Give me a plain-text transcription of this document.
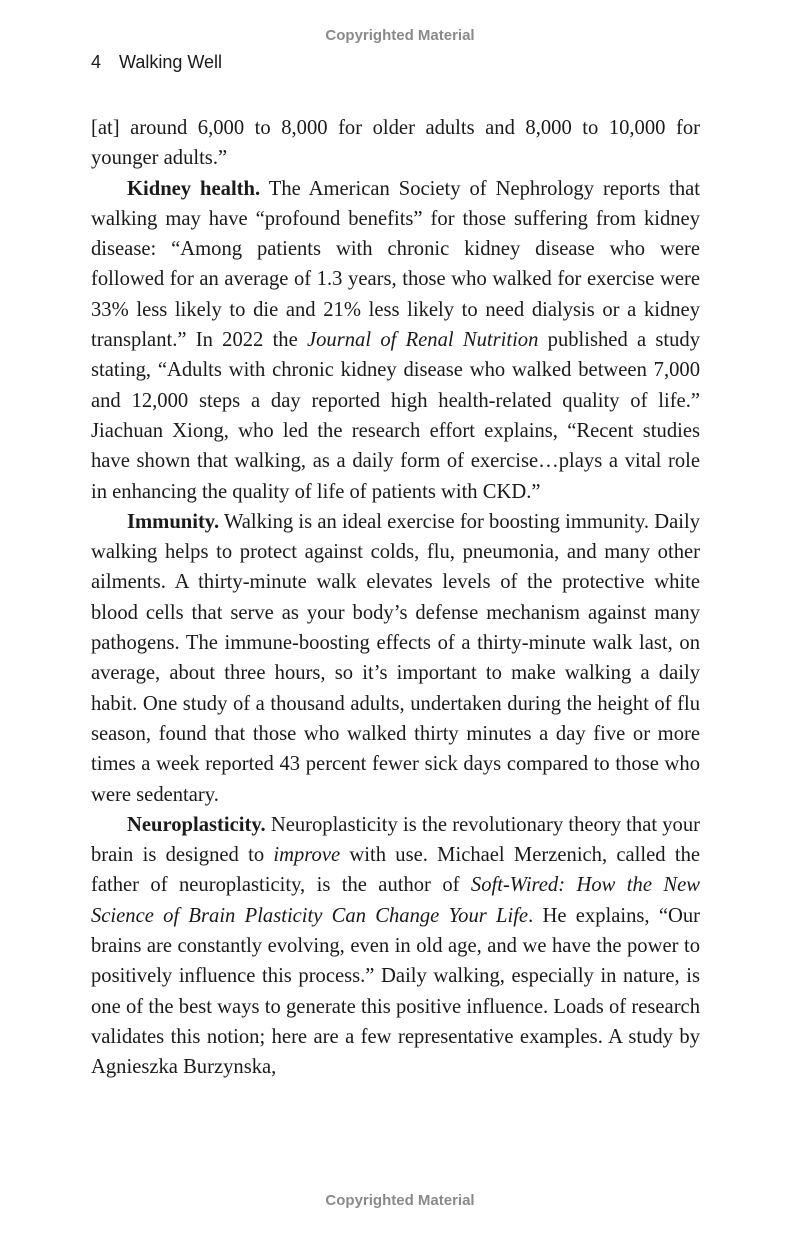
Copyrighted Material
4 Walking Well

[at] around 6,000 to 8,000 for older adults and 8,000 to 10,000 for younger adults.”

Kidney health. The American Society of Nephrology reports that walking may have “profound benefits” for those suffering from kidney disease: “Among patients with chronic kidney disease who were followed for an average of 1.3 years, those who walked for exercise were 33% less likely to die and 21% less likely to need dialysis or a kidney transplant.” In 2022 the Journal of Renal Nutrition published a study stating, “Adults with chronic kidney disease who walked between 7,000 and 12,000 steps a day reported high health-related quality of life.” Jiachuan Xiong, who led the research effort explains, “Recent studies have shown that walking, as a daily form of exercise…plays a vital role in enhancing the quality of life of patients with CKD.”

Immunity. Walking is an ideal exercise for boosting immunity. Daily walking helps to protect against colds, flu, pneumonia, and many other ailments. A thirty-minute walk elevates levels of the protective white blood cells that serve as your body’s defense mechanism against many pathogens. The immune-boosting effects of a thirty-minute walk last, on average, about three hours, so it’s important to make walking a daily habit. One study of a thousand adults, undertaken during the height of flu season, found that those who walked thirty minutes a day five or more times a week reported 43 percent fewer sick days compared to those who were sedentary.

Neuroplasticity. Neuroplasticity is the revolutionary theory that your brain is designed to improve with use. Michael Merzenich, called the father of neuroplasticity, is the author of Soft-Wired: How the New Science of Brain Plasticity Can Change Your Life. He explains, “Our brains are constantly evolving, even in old age, and we have the power to positively influence this process.” Daily walking, especially in nature, is one of the best ways to generate this positive influence. Loads of research validates this notion; here are a few representative examples. A study by Agnieszka Burzynska,

Copyrighted Material
